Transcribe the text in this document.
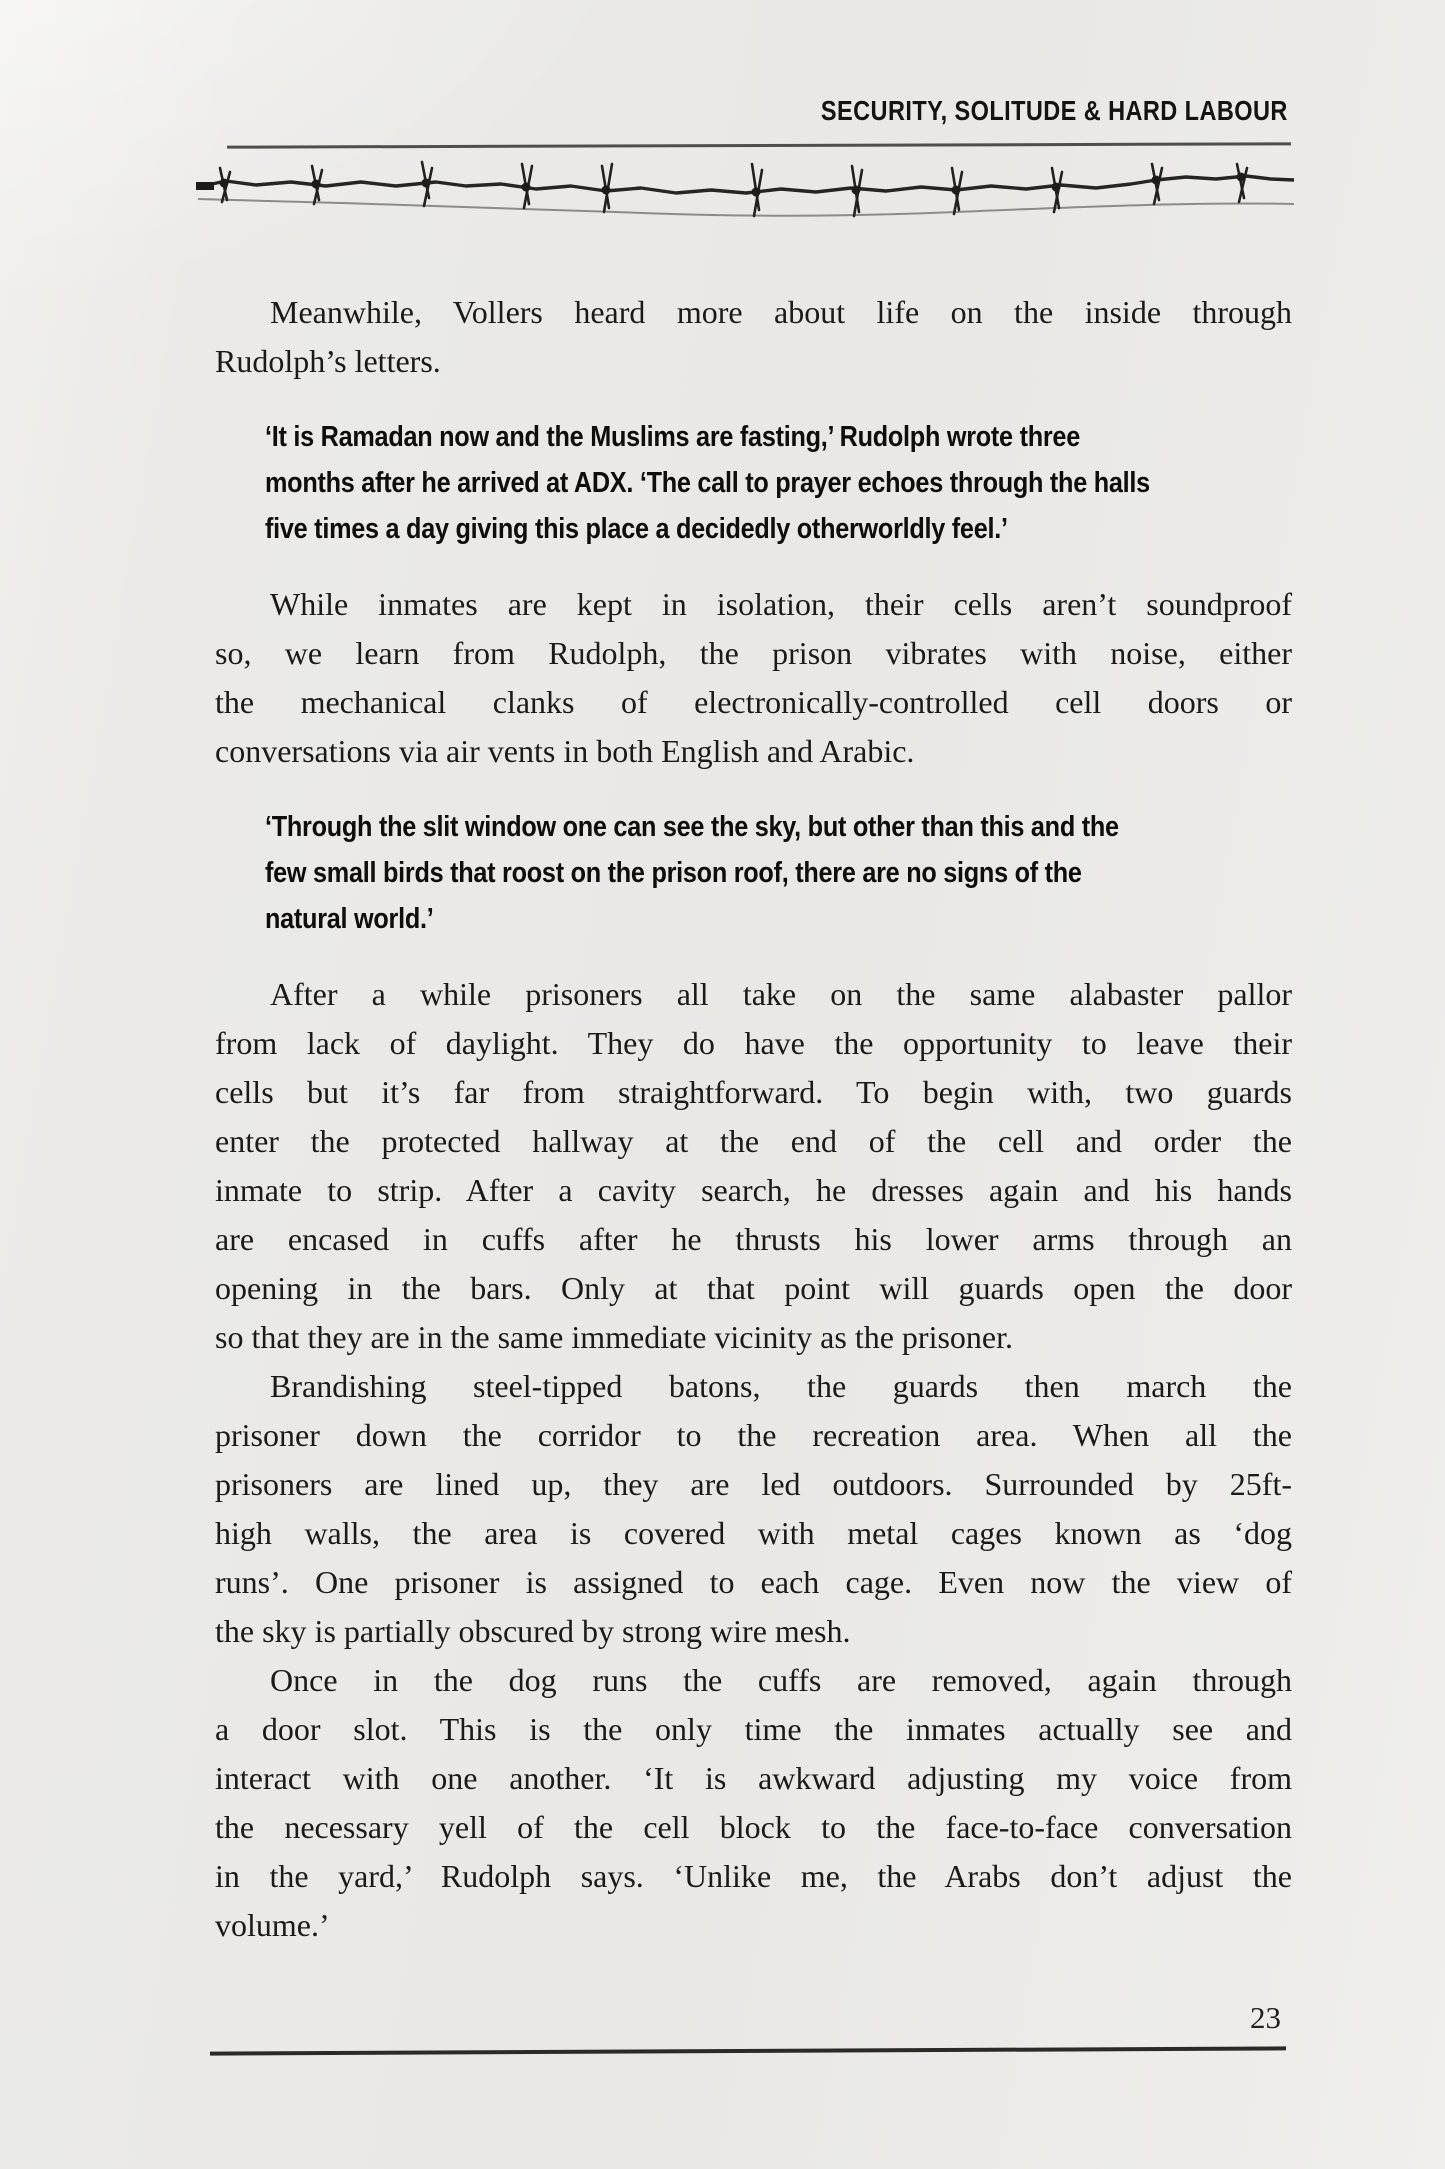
SECURITY, SOLITUDE & HARD LABOUR
Meanwhile, Vollers heard more about life on the inside through
Rudolph’s letters.
‘It is Ramadan now and the Muslims are fasting,’ Rudolph wrote three
months after he arrived at ADX. ‘The call to prayer echoes through the halls
five times a day giving this place a decidedly otherworldly feel.’
While inmates are kept in isolation, their cells aren’t soundproof
so, we learn from Rudolph, the prison vibrates with noise, either
the mechanical clanks of electronically-controlled cell doors or
conversations via air vents in both English and Arabic.
‘Through the slit window one can see the sky, but other than this and the
few small birds that roost on the prison roof, there are no signs of the
natural world.’
After a while prisoners all take on the same alabaster pallor
from lack of daylight. They do have the opportunity to leave their
cells but it’s far from straightforward. To begin with, two guards
enter the protected hallway at the end of the cell and order the
inmate to strip. After a cavity search, he dresses again and his hands
are encased in cuffs after he thrusts his lower arms through an
opening in the bars. Only at that point will guards open the door
so that they are in the same immediate vicinity as the prisoner.
Brandishing steel-tipped batons, the guards then march the
prisoner down the corridor to the recreation area. When all the
prisoners are lined up, they are led outdoors. Surrounded by 25ft-
high walls, the area is covered with metal cages known as ‘dog
runs’. One prisoner is assigned to each cage. Even now the view of
the sky is partially obscured by strong wire mesh.
Once in the dog runs the cuffs are removed, again through
a door slot. This is the only time the inmates actually see and
interact with one another. ‘It is awkward adjusting my voice from
the necessary yell of the cell block to the face-to-face conversation
in the yard,’ Rudolph says. ‘Unlike me, the Arabs don’t adjust the
volume.’
23
